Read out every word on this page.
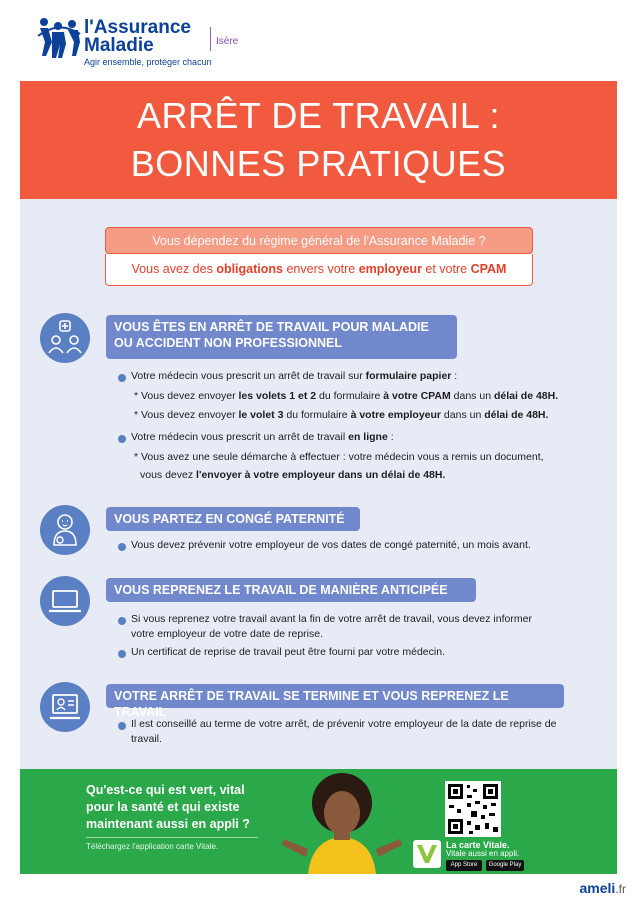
l'Assurance
Maladie
Agir ensemble, protéger chacun
Isère
ARRÊT DE TRAVAIL :
BONNES PRATIQUES
Vous dépendez du régime général de l'Assurance Maladie ?
Vous avez des obligations envers votre employeur et votre CPAM
VOUS ÊTES EN ARRÊT DE TRAVAIL POUR MALADIE
OU ACCIDENT NON PROFESSIONNEL
Votre médecin vous prescrit un arrêt de travail sur formulaire papier :
* Vous devez envoyer les volets 1 et 2 du formulaire à votre CPAM dans un délai de 48H.
* Vous devez envoyer le volet 3 du formulaire à votre employeur dans un délai de 48H.
Votre médecin vous prescrit un arrêt de travail en ligne :
* Vous avez une seule démarche à effectuer : votre médecin vous a remis un document,
vous devez l'envoyer à votre employeur dans un délai de 48H.
VOUS PARTEZ EN CONGÉ PATERNITÉ
Vous devez prévenir votre employeur de vos dates de congé paternité, un mois avant.
VOUS REPRENEZ LE TRAVAIL DE MANIÈRE ANTICIPÉE
Si vous reprenez votre travail avant la fin de votre arrêt de travail, vous devez informer
votre employeur de votre date de reprise.
Un certificat de reprise de travail peut être fourni par votre médecin.
VOTRE ARRÊT DE TRAVAIL SE TERMINE ET VOUS REPRENEZ LE TRAVAIL
Il est conseillé au terme de votre arrêt, de prévenir votre employeur de la date de reprise de
travail.
Qu'est-ce qui est vert, vital
pour la santé et qui existe
maintenant aussi en appli ?
Téléchargez l'application carte Vitale.	La carte Vitale.
Vitale aussi en appli.
App Store	Google Play
ameli.fr
